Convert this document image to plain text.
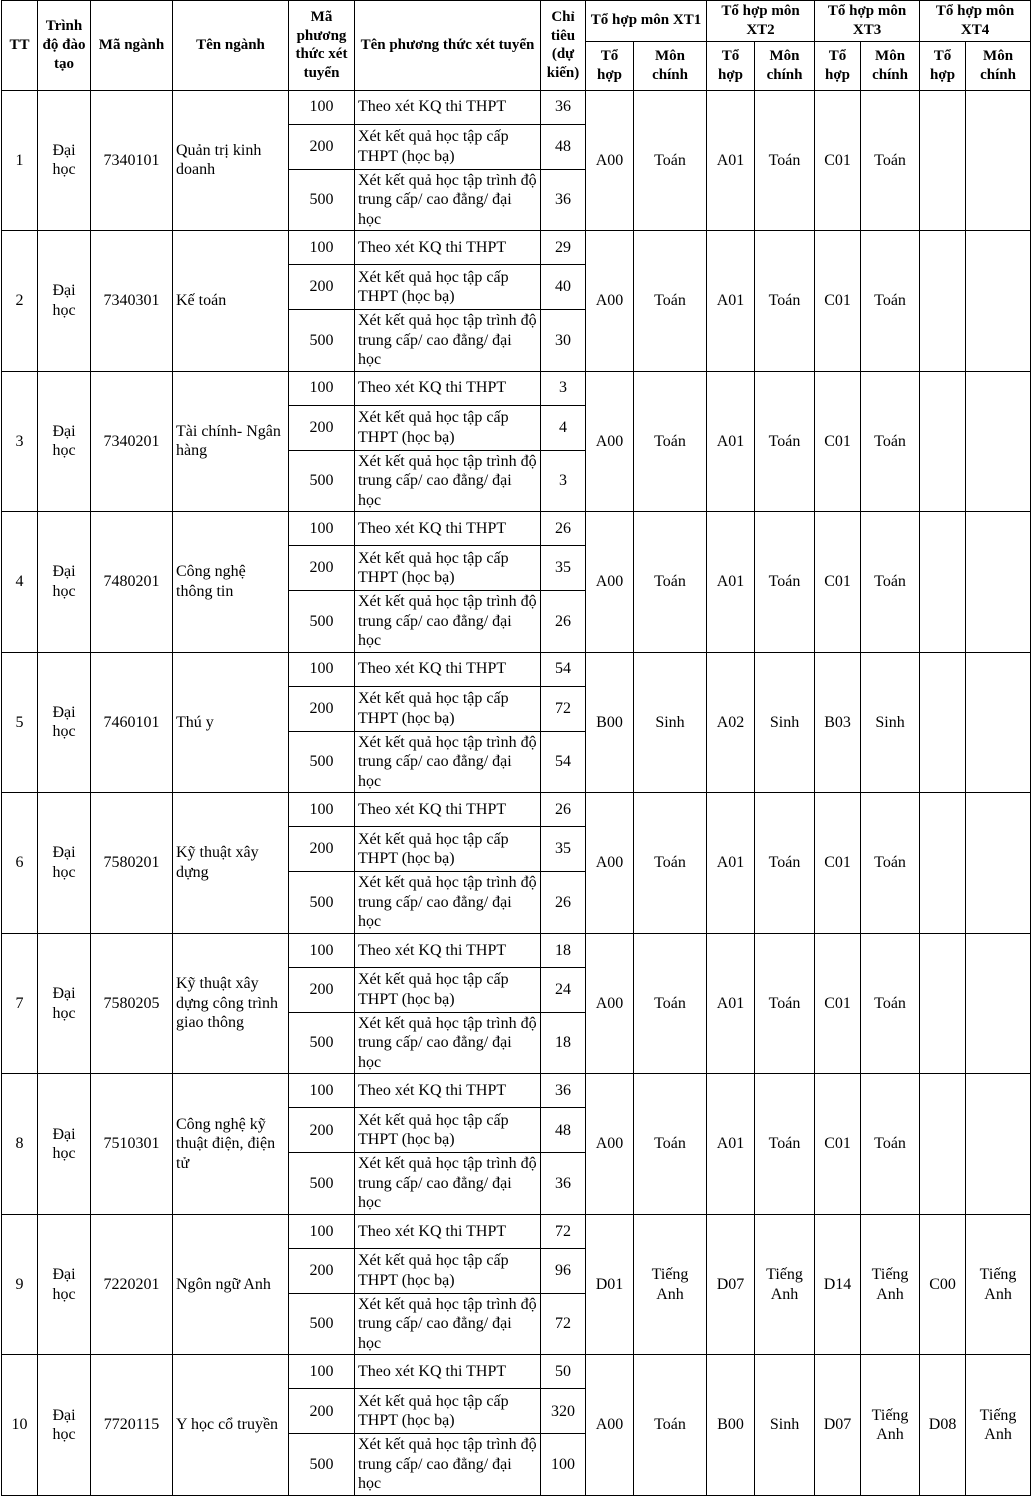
TT	Trình độ đào tạo	Mã ngành	Tên ngành	Mã phương thức xét tuyển	Tên phương thức xét tuyển	Chỉ tiêu (dự kiến)	Tổ hợp môn XT1		Tổ hợp môn XT2		Tổ hợp môn XT3		Tổ hợp môn XT4	
							Tổ hợp	Môn chính	Tổ hợp	Môn chính	Tổ hợp	Môn chính	Tổ hợp	Môn chính
1	Đại học	7340101	Quản trị kinh doanh	100	Theo xét KQ thi THPT	36	A00	Toán	A01	Toán	C01	Toán		
				200	Xét kết quả học tập cấp THPT (học bạ)	48								
				500	Xét kết quả học tập trình độ trung cấp/ cao đẳng/ đại học	36								
2	Đại học	7340301	Kế toán	100	Theo xét KQ thi THPT	29	A00	Toán	A01	Toán	C01	Toán		
				200	Xét kết quả học tập cấp THPT (học bạ)	40								
				500	Xét kết quả học tập trình độ trung cấp/ cao đẳng/ đại học	30								
3	Đại học	7340201	Tài chính- Ngân hàng	100	Theo xét KQ thi THPT	3	A00	Toán	A01	Toán	C01	Toán		
				200	Xét kết quả học tập cấp THPT (học bạ)	4								
				500	Xét kết quả học tập trình độ trung cấp/ cao đẳng/ đại học	3								
4	Đại học	7480201	Công nghệ thông tin	100	Theo xét KQ thi THPT	26	A00	Toán	A01	Toán	C01	Toán		
				200	Xét kết quả học tập cấp THPT (học bạ)	35								
				500	Xét kết quả học tập trình độ trung cấp/ cao đẳng/ đại học	26								
5	Đại học	7460101	Thú y	100	Theo xét KQ thi THPT	54	B00	Sinh	A02	Sinh	B03	Sinh		
				200	Xét kết quả học tập cấp THPT (học bạ)	72								
				500	Xét kết quả học tập trình độ trung cấp/ cao đẳng/ đại học	54								
6	Đại học	7580201	Kỹ thuật xây dựng	100	Theo xét KQ thi THPT	26	A00	Toán	A01	Toán	C01	Toán		
				200	Xét kết quả học tập cấp THPT (học bạ)	35								
				500	Xét kết quả học tập trình độ trung cấp/ cao đẳng/ đại học	26								
7	Đại học	7580205	Kỹ thuật xây dựng công trình giao thông	100	Theo xét KQ thi THPT	18	A00	Toán	A01	Toán	C01	Toán		
				200	Xét kết quả học tập cấp THPT (học bạ)	24								
				500	Xét kết quả học tập trình độ trung cấp/ cao đẳng/ đại học	18								
8	Đại học	7510301	Công nghệ kỹ thuật điện, điện tử	100	Theo xét KQ thi THPT	36	A00	Toán	A01	Toán	C01	Toán		
				200	Xét kết quả học tập cấp THPT (học bạ)	48								
				500	Xét kết quả học tập trình độ trung cấp/ cao đẳng/ đại học	36								
9	Đại học	7220201	Ngôn ngữ Anh	100	Theo xét KQ thi THPT	72	D01	Tiếng Anh	D07	Tiếng Anh	D14	Tiếng Anh	C00	Tiếng Anh
				200	Xét kết quả học tập cấp THPT (học bạ)	96								
				500	Xét kết quả học tập trình độ trung cấp/ cao đẳng/ đại học	72								
10	Đại học	7720115	Y học cổ truyền	100	Theo xét KQ thi THPT	50	A00	Toán	B00	Sinh	D07	Tiếng Anh	D08	Tiếng Anh
				200	Xét kết quả học tập cấp THPT (học bạ)	320								
				500	Xét kết quả học tập trình độ trung cấp/ cao đẳng/ đại học	100								
